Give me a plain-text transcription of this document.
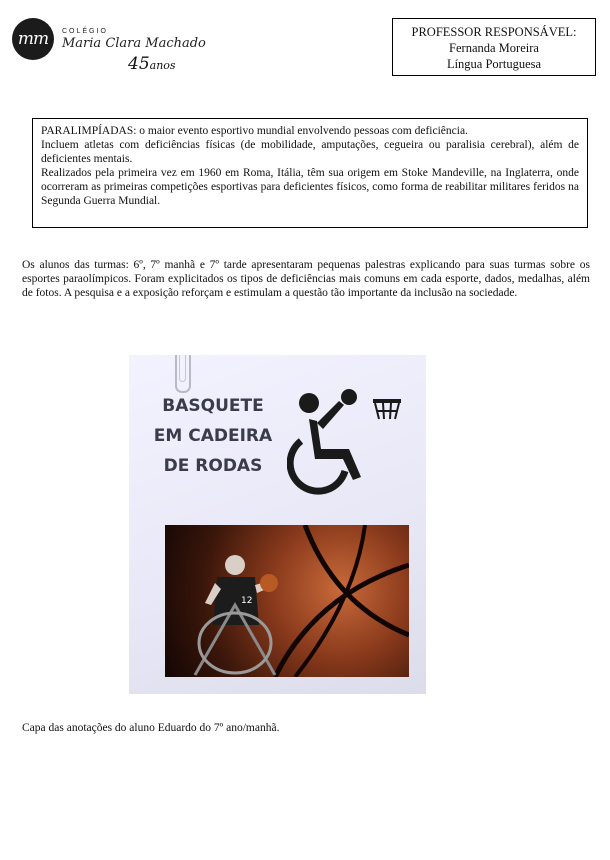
mm	COLÉGIO
Maria Clara Machado
45anos
PROFESSOR RESPONSÁVEL:
Fernanda Moreira
Língua Portuguesa

PARALIMPÍADAS: o maior evento esportivo mundial envolvendo pessoas com deficiência.

Incluem atletas com deficiências físicas (de mobilidade, amputações, cegueira ou paralisia cerebral), além de deficientes mentais.

Realizados pela primeira vez em 1960 em Roma, Itália, têm sua origem em Stoke Mandeville, na Inglaterra, onde ocorreram as primeiras competições esportivas para deficientes físicos, como forma de reabilitar militares feridos na Segunda Guerra Mundial.

Os alunos das turmas: 6º, 7º manhã e 7º tarde apresentaram pequenas palestras explicando para suas turmas sobre os esportes paraolímpicos. Foram explicitados os tipos de deficiências mais comuns em cada esporte, dados, medalhas, além de fotos. A pesquisa e a exposição reforçam e estimulam a questão tão importante da inclusão na sociedade.

BASQUETE
EM CADEIRA
DE RODAS
12

Capa das anotações do aluno Eduardo do 7º ano/manhã.
